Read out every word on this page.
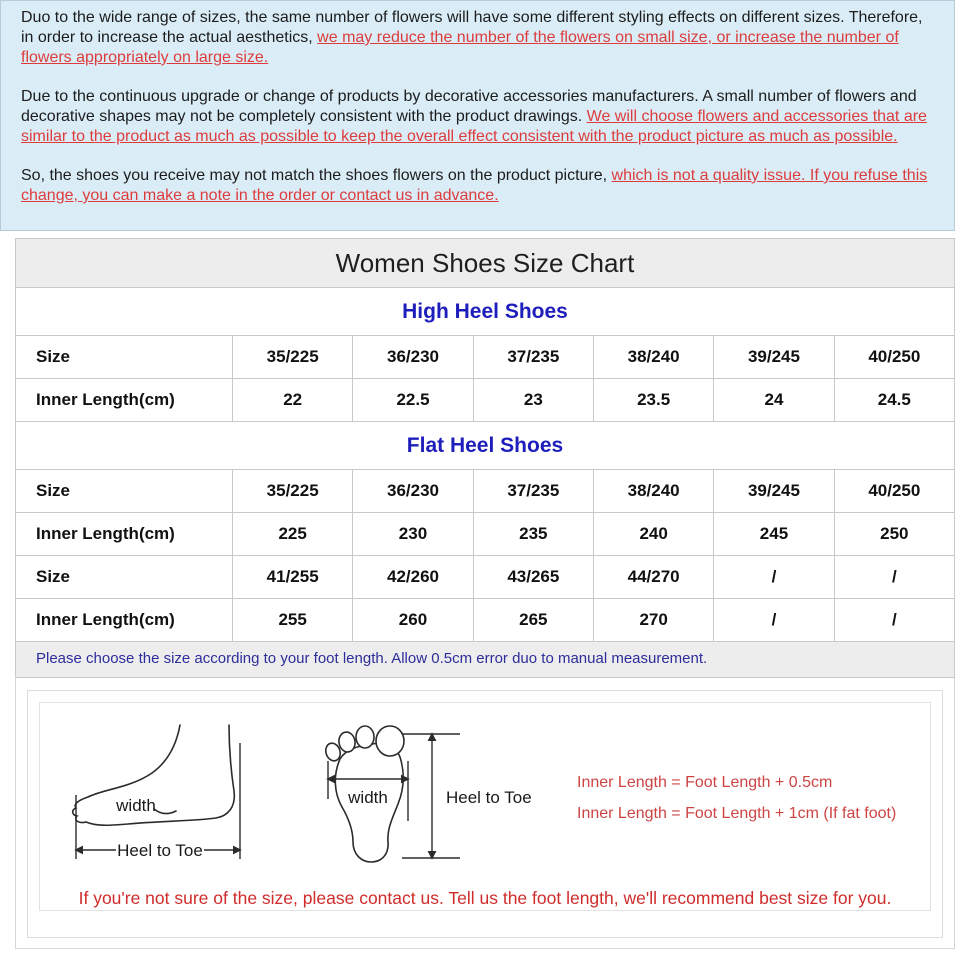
Duo to the wide range of sizes, the same number of flowers will have some different styling effects on different sizes. Therefore, in order to increase the actual aesthetics, we may reduce the number of the flowers on small size, or increase the number of flowers appropriately on large size.

Due to the continuous upgrade or change of products by decorative accessories manufacturers. A small number of flowers and decorative shapes may not be completely consistent with the product drawings. We will choose flowers and accessories that are similar to the product as much as possible to keep the overall effect consistent with the product picture as much as possible.

So, the shoes you receive may not match the shoes flowers on the product picture, which is not a quality issue. If you refuse this change, you can make a note in the order or contact us in advance.

Women Shoes Size Chart
High Heel Shoes						
Size	35/225	36/230	37/235	38/240	39/245	40/250
Inner Length(cm)	22	22.5	23	23.5	24	24.5
Flat Heel Shoes						
Size	35/225	36/230	37/235	38/240	39/245	40/250
Inner Length(cm)	225	230	235	240	245	250
Size	41/255	42/260	43/265	44/270	/	/
Inner Length(cm)	255	260	265	270	/	/
Please choose the size according to your foot length. Allow 0.5cm error duo to manual measurement.
width
Heel to Toe
width	Heel to Toe
Inner Length = Foot Length + 0.5cm
Inner Length = Foot Length + 1cm (If fat foot)
If you're not sure of the size, please contact us. Tell us the foot length, we'll recommend best size for you.
